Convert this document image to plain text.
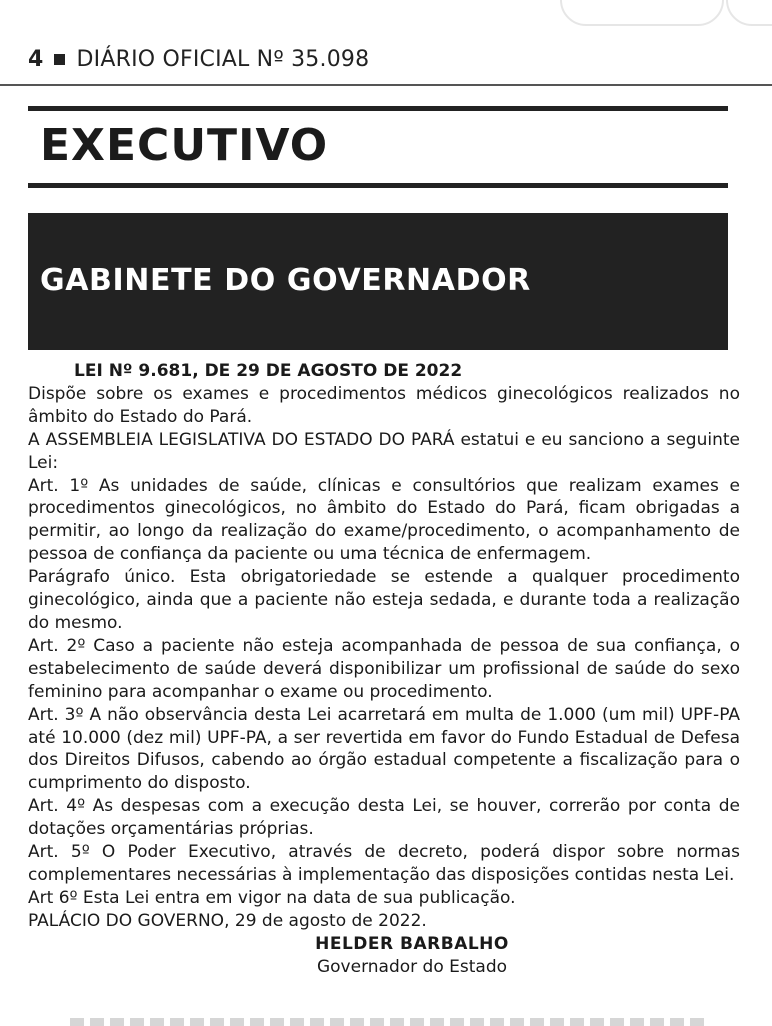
4 DIÁRIO OFICIAL Nº 35.098
EXECUTIVO
GABINETE DO GOVERNADOR

LEI Nº 9.681, DE 29 DE AGOSTO DE 2022

Dispõe sobre os exames e procedimentos médicos ginecológicos realizados no âmbito do Estado do Pará.

A ASSEMBLEIA LEGISLATIVA DO ESTADO DO PARÁ estatui e eu sanciono a seguinte Lei:

Art. 1º As unidades de saúde, clínicas e consultórios que realizam exames e procedimentos ginecológicos, no âmbito do Estado do Pará, ficam obrigadas a permitir, ao longo da realização do exame/procedimento, o acompanhamento de pessoa de confiança da paciente ou uma técnica de enfermagem.

Parágrafo único. Esta obrigatoriedade se estende a qualquer procedimento ginecológico, ainda que a paciente não esteja sedada, e durante toda a realização do mesmo.

Art. 2º Caso a paciente não esteja acompanhada de pessoa de sua confiança, o estabelecimento de saúde deverá disponibilizar um profissional de saúde do sexo feminino para acompanhar o exame ou procedimento.

Art. 3º A não observância desta Lei acarretará em multa de 1.000 (um mil) UPF-PA até 10.000 (dez mil) UPF-PA, a ser revertida em favor do Fundo Estadual de Defesa dos Direitos Difusos, cabendo ao órgão estadual competente a fiscalização para o cumprimento do disposto.

Art. 4º As despesas com a execução desta Lei, se houver, correrão por conta de dotações orçamentárias próprias.

Art. 5º O Poder Executivo, através de decreto, poderá dispor sobre normas complementares necessárias à implementação das disposições contidas nesta Lei.

Art 6º Esta Lei entra em vigor na data de sua publicação.

PALÁCIO DO GOVERNO, 29 de agosto de 2022.

HELDER BARBALHO

Governador do Estado
